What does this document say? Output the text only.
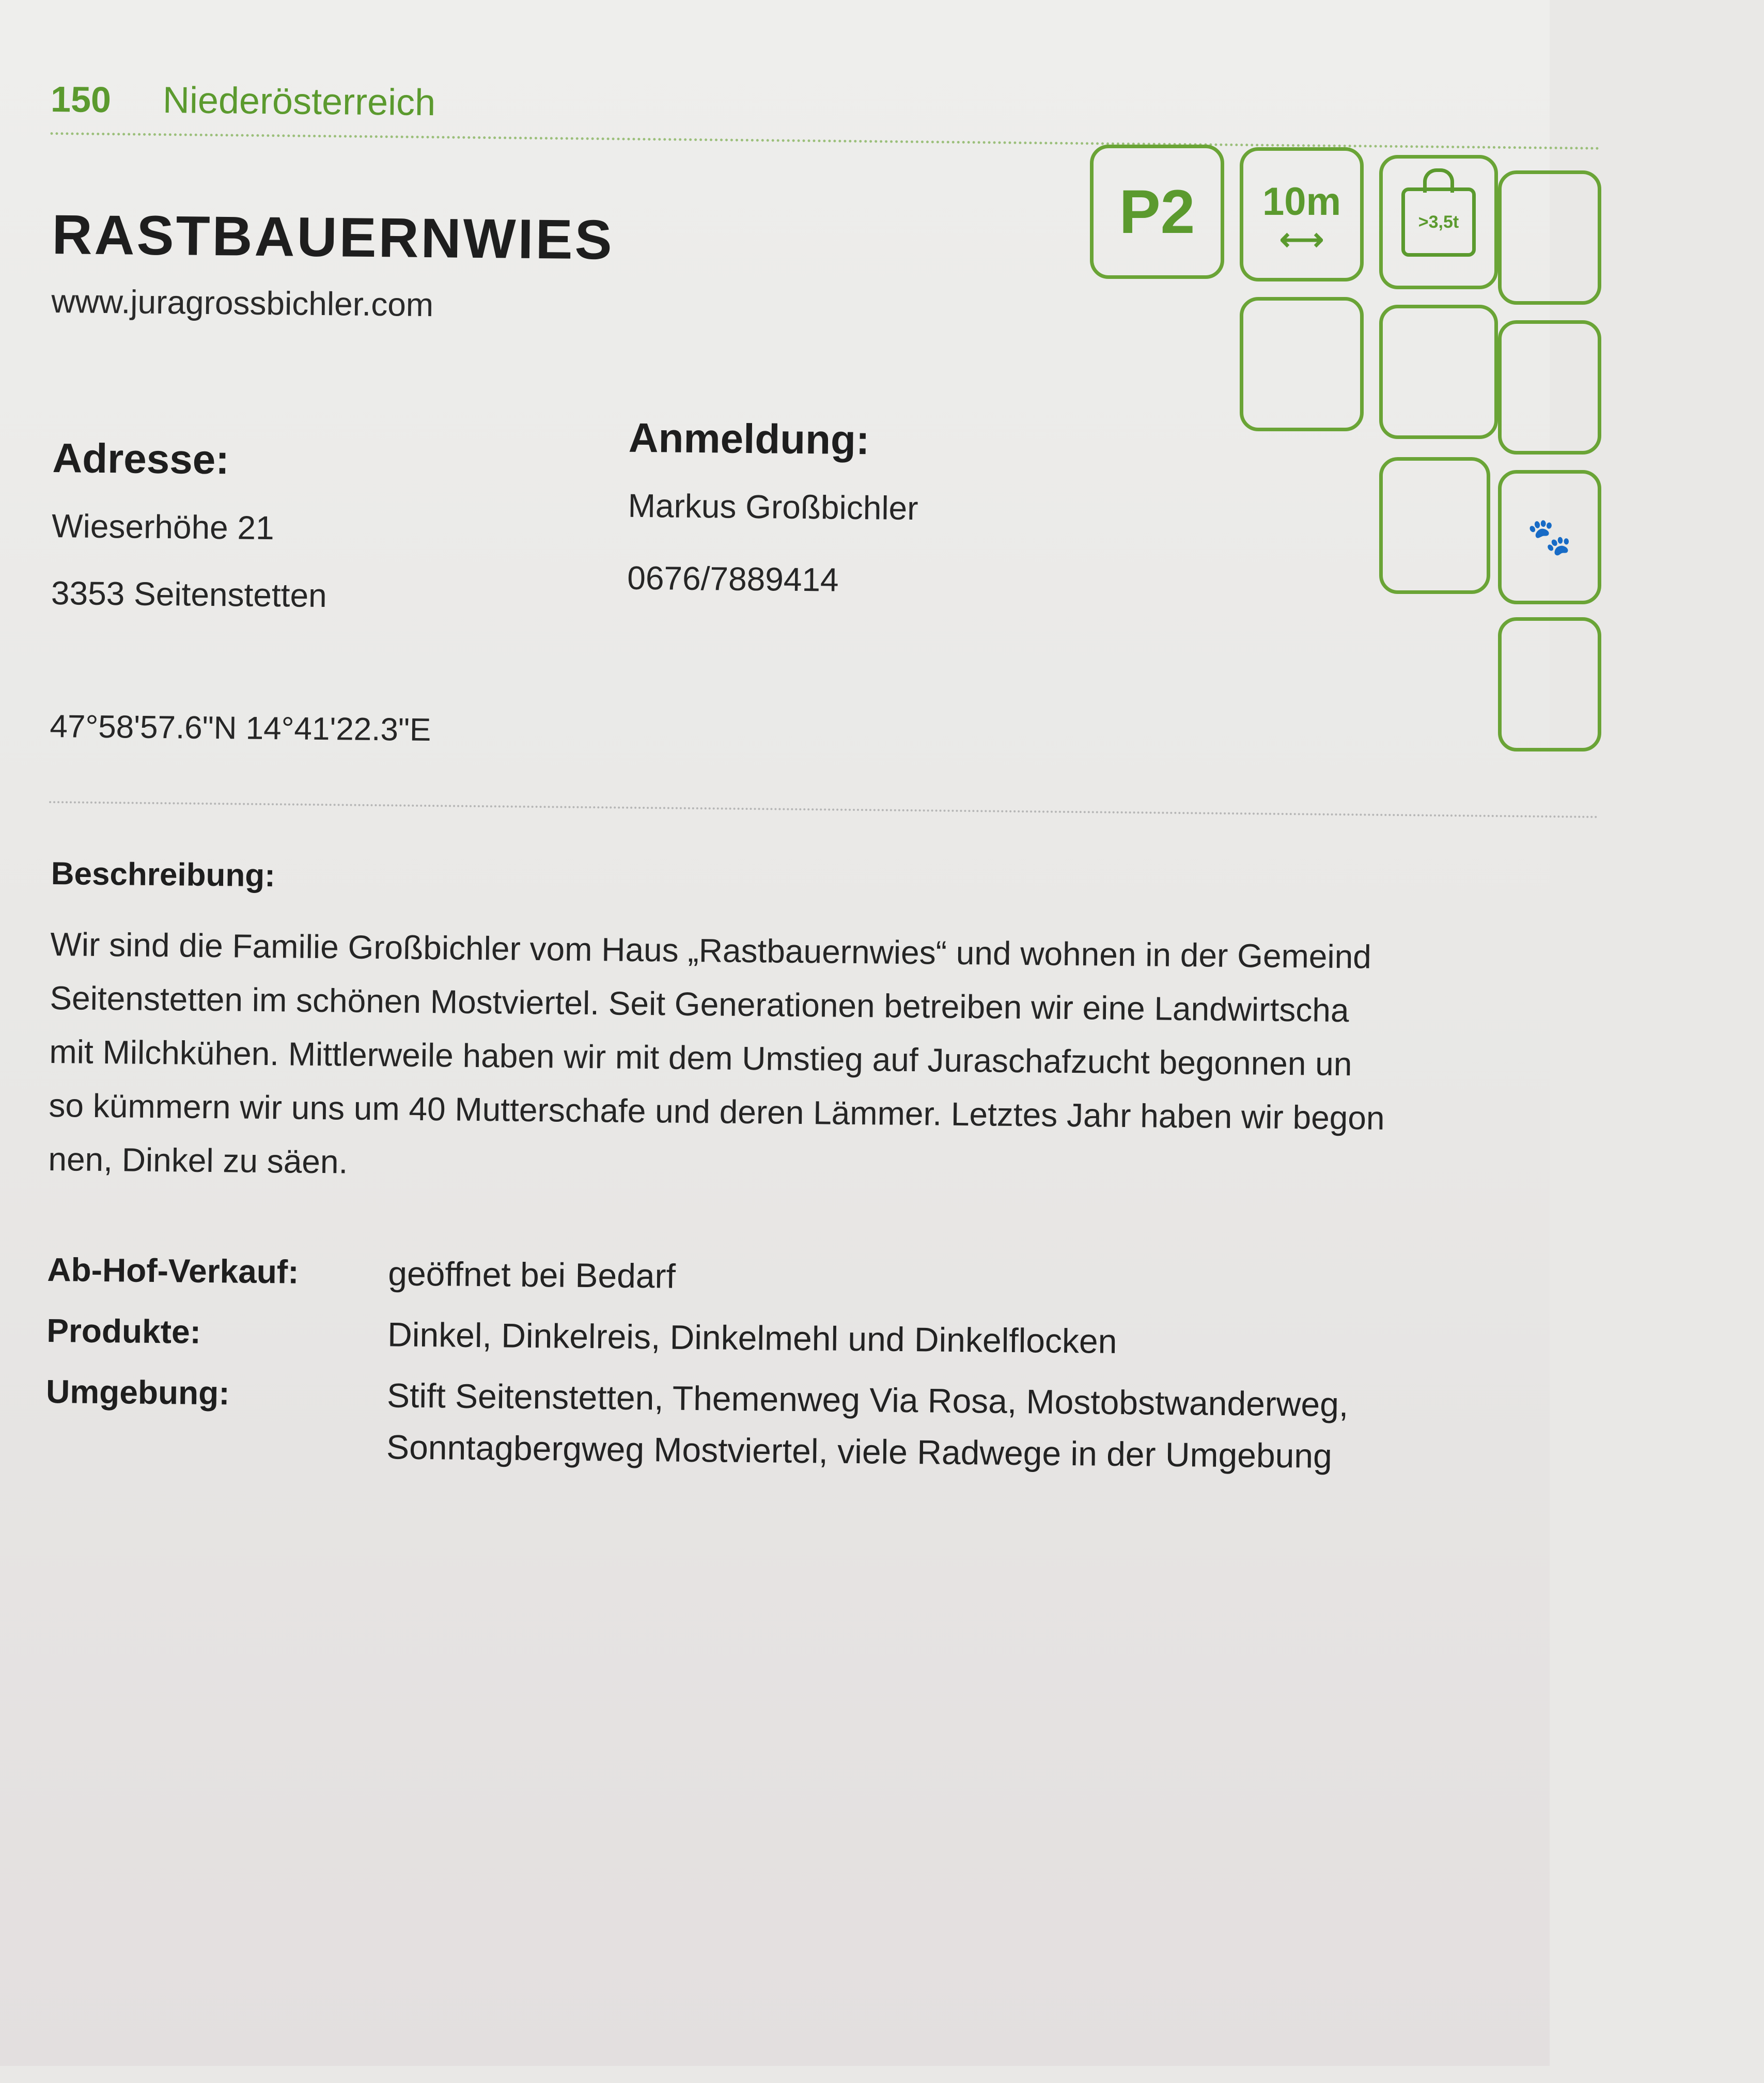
150 Niederösterreich
RASTBAUERNWIES
www.juragrossbichler.com
Adresse:
Wieserhöhe 21
3353 Seitenstetten
Anmeldung:
Markus Großbichler
0676/7889414
47°58'57.6"N 14°41'22.3"E
Beschreibung:
Wir sind die Familie Großbichler vom Haus „Rastbauernwies“ und wohnen in der Gemeind
Seitenstetten im schönen Mostviertel. Seit Generationen betreiben wir eine Landwirtscha
mit Milchkühen. Mittlerweile haben wir mit dem Umstieg auf Juraschafzucht begonnen un
so kümmern wir uns um 40 Mutterschafe und deren Lämmer. Letztes Jahr haben wir begon
nen, Dinkel zu säen.
Ab-Hof-Verkauf:	geöffnet bei Bedarf
Produkte:	Dinkel, Dinkelreis, Dinkelmehl und Dinkelflocken
Umgebung:	Stift Seitenstetten, Themenweg Via Rosa, Mostobstwanderweg,
Sonntagbergweg Mostviertel, viele Radwege in der Umgebung
P2 10m
⟷	>3,5t
🐾
